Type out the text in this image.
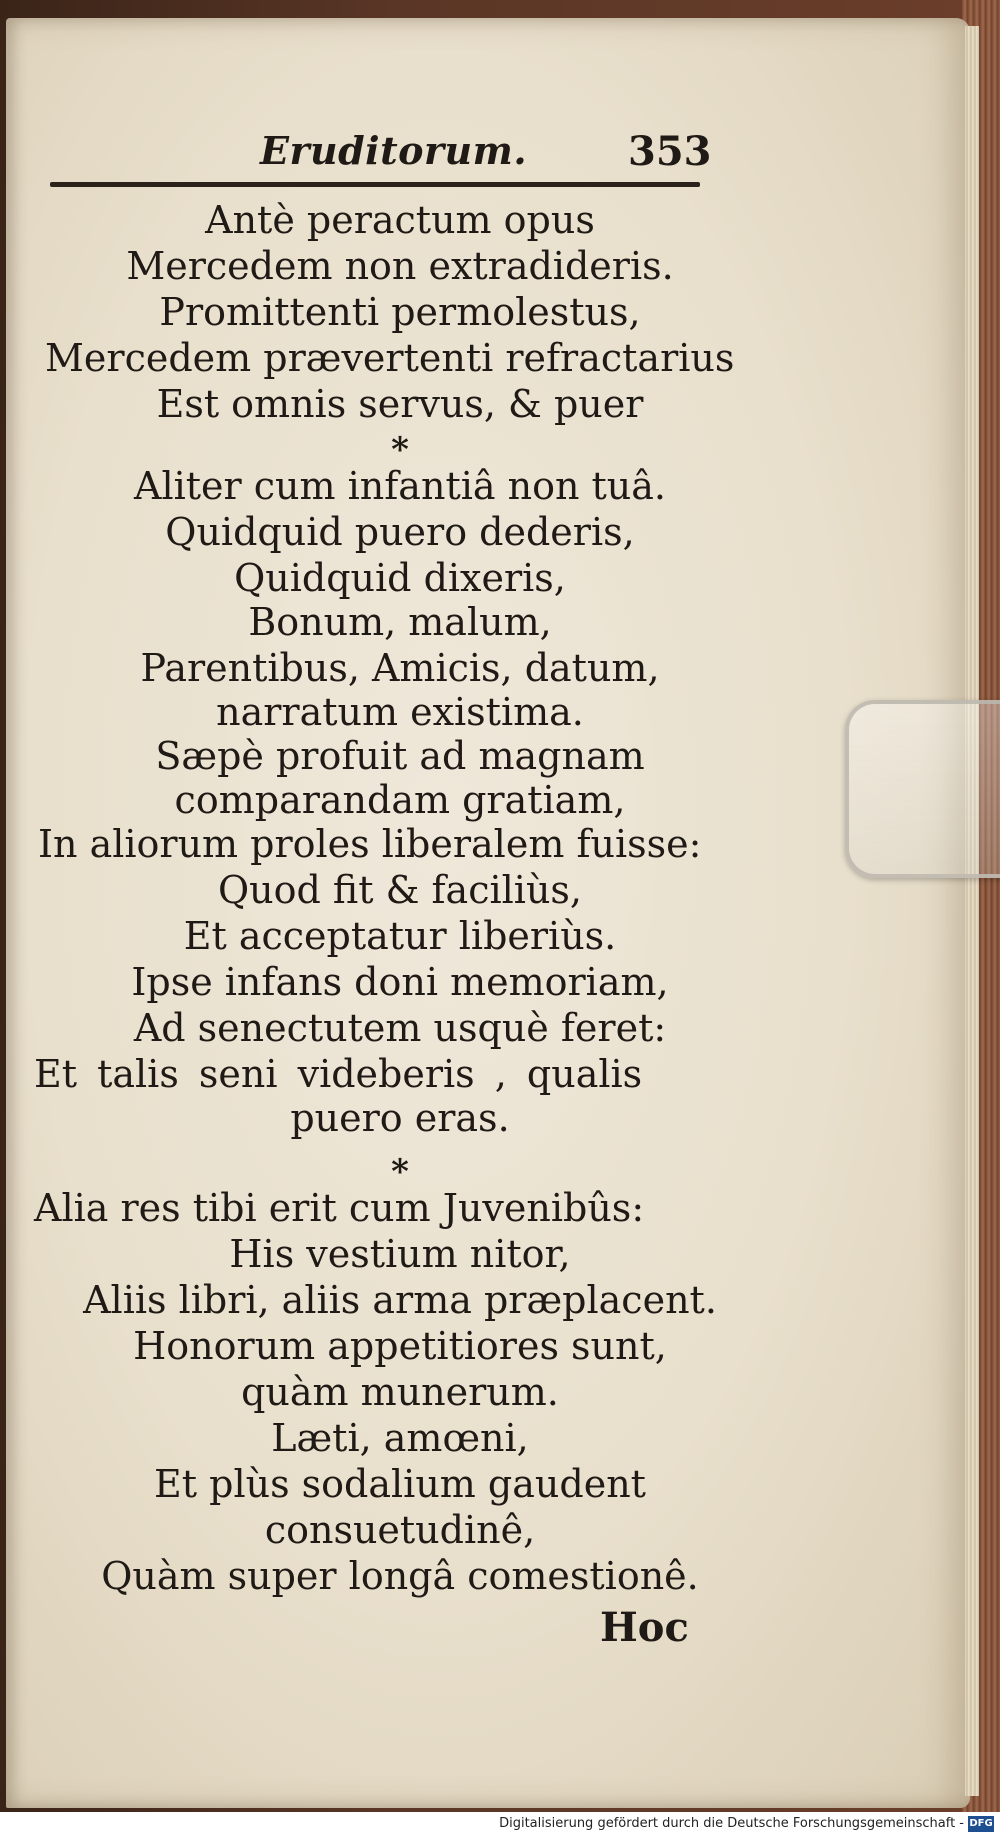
Eruditorum.	353
Antè peractum opus
Mercedem non extradideris.
Promittenti permolestus,
Mercedem prævertenti refractarius
Est omnis servus, & puer
*
Aliter cum infantiâ non tuâ.
Quidquid puero dederis,
Quidquid dixeris,
Bonum, malum,
Parentibus, Amicis, datum,
narratum existima.
Sæpè profuit ad magnam
comparandam gratiam,
In aliorum proles liberalem fuisse:
Quod fit & faciliùs,
Et acceptatur liberiùs.
Ipse infans doni memoriam,
Ad senectutem usquè feret:
Et talis seni videberis , qualis
puero eras.
*
Alia res tibi erit cum Juvenibûs:
His vestium nitor,
Aliis libri, aliis arma præplacent.
Honorum appetitiores sunt,
quàm munerum.
Læti, amœni,
Et plùs sodalium gaudent
consuetudinê,
Quàm super longâ comestionê.
Hoc
Digitalisierung gefördert durch die Deutsche Forschungsgemeinschaft - DFG
